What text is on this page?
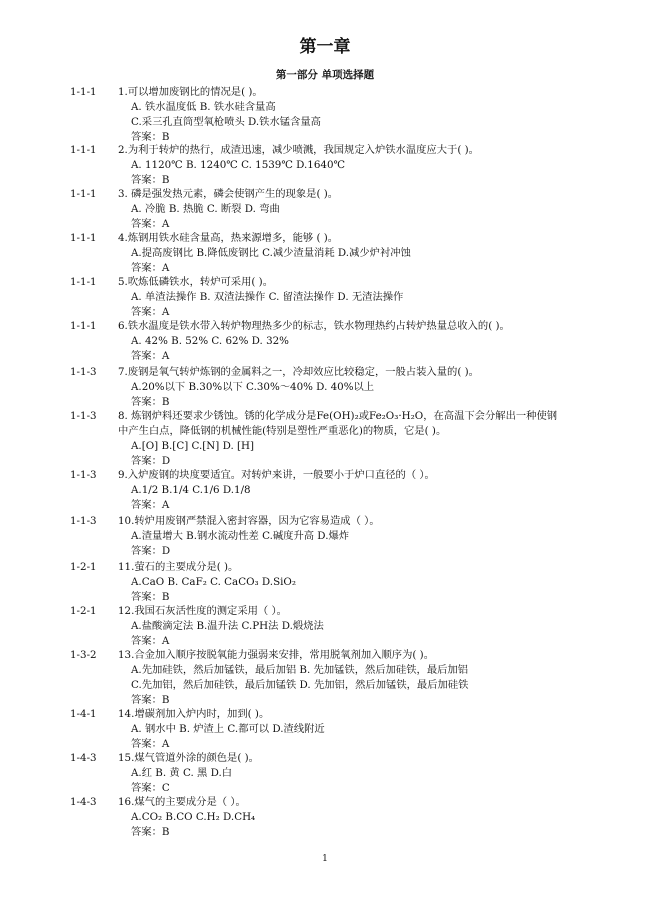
第一章
第一部分 单项选择题
1-1-1 1.可以增加废钢比的情况是( )。
A. 铁水温度低 B. 铁水硅含量高
C.采三孔直筒型氧枪喷头 D.铁水锰含量高
答案：B
1-1-1 2.为利于转炉的热行，成渣迅速，减少喷溅，我国规定入炉铁水温度应大于( )。
A. 1120℃ B. 1240℃ C. 1539℃ D.1640℃
答案：B
1-1-1 3. 磷是强发热元素，磷会使钢产生的现象是( )。
A. 冷脆 B. 热脆 C. 断裂 D. 弯曲
答案：A
1-1-1 4.炼钢用铁水硅含量高，热来源增多，能够 ( )。
A.提高废钢比 B.降低废钢比 C.减少渣量消耗 D.减少炉衬冲蚀
答案：A
1-1-1 5.吹炼低磷铁水，转炉可采用( )。
A. 单渣法操作 B. 双渣法操作 C. 留渣法操作 D. 无渣法操作
答案：A
1-1-1 6.铁水温度是铁水带入转炉物理热多少的标志，铁水物理热约占转炉热量总收入的( )。
A. 42% B. 52% C. 62% D. 32%
答案：A
1-1-3 7.废钢是氧气转炉炼钢的金属料之一，冷却效应比较稳定，一般占装入量的( )。
A.20%以下 B.30%以下 C.30%～40% D. 40%以上
答案：B
1-1-3 8. 炼钢炉料还要求少锈蚀。锈的化学成分是Fe(OH)₂或Fe₂O₃·H₂O，在高温下会分解出一种使钢
中产生白点，降低钢的机械性能(特别是塑性严重恶化)的物质，它是( )。
A.[O] B.[C] C.[N] D. [H]
答案：D
1-1-3 9.入炉废钢的块度要适宜。对转炉来讲，一般要小于炉口直径的（ ）。
A.1/2 B.1/4 C.1/6 D.1/8
答案：A
1-1-3 10.转炉用废钢严禁混入密封容器，因为它容易造成（ ）。
A.渣量增大 B.钢水流动性差 C.碱度升高 D.爆炸
答案：D
1-2-1 11.萤石的主要成分是( )。
A.CaO B. CaF₂ C. CaCO₃ D.SiO₂
答案：B
1-2-1 12.我国石灰活性度的测定采用（ ）。
A.盐酸滴定法 B.温升法 C.PH法 D.煅烧法
答案：A
1-3-2 13.合金加入顺序按脱氧能力强弱来安排，常用脱氧剂加入顺序为( )。
A.先加硅铁，然后加锰铁，最后加铝 B. 先加锰铁，然后加硅铁，最后加铝
C.先加铝，然后加硅铁，最后加锰铁 D. 先加铝，然后加锰铁，最后加硅铁
答案：B
1-4-1 14.增碳剂加入炉内时，加到( )。
A. 钢水中 B. 炉渣上 C.都可以 D.渣线附近
答案：A
1-4-3 15.煤气管道外涂的颜色是( )。
A.红 B. 黄 C. 黑 D.白
答案：C
1-4-3 16.煤气的主要成分是（ ）。
A.CO₂ B.CO C.H₂ D.CH₄
答案：B
1
